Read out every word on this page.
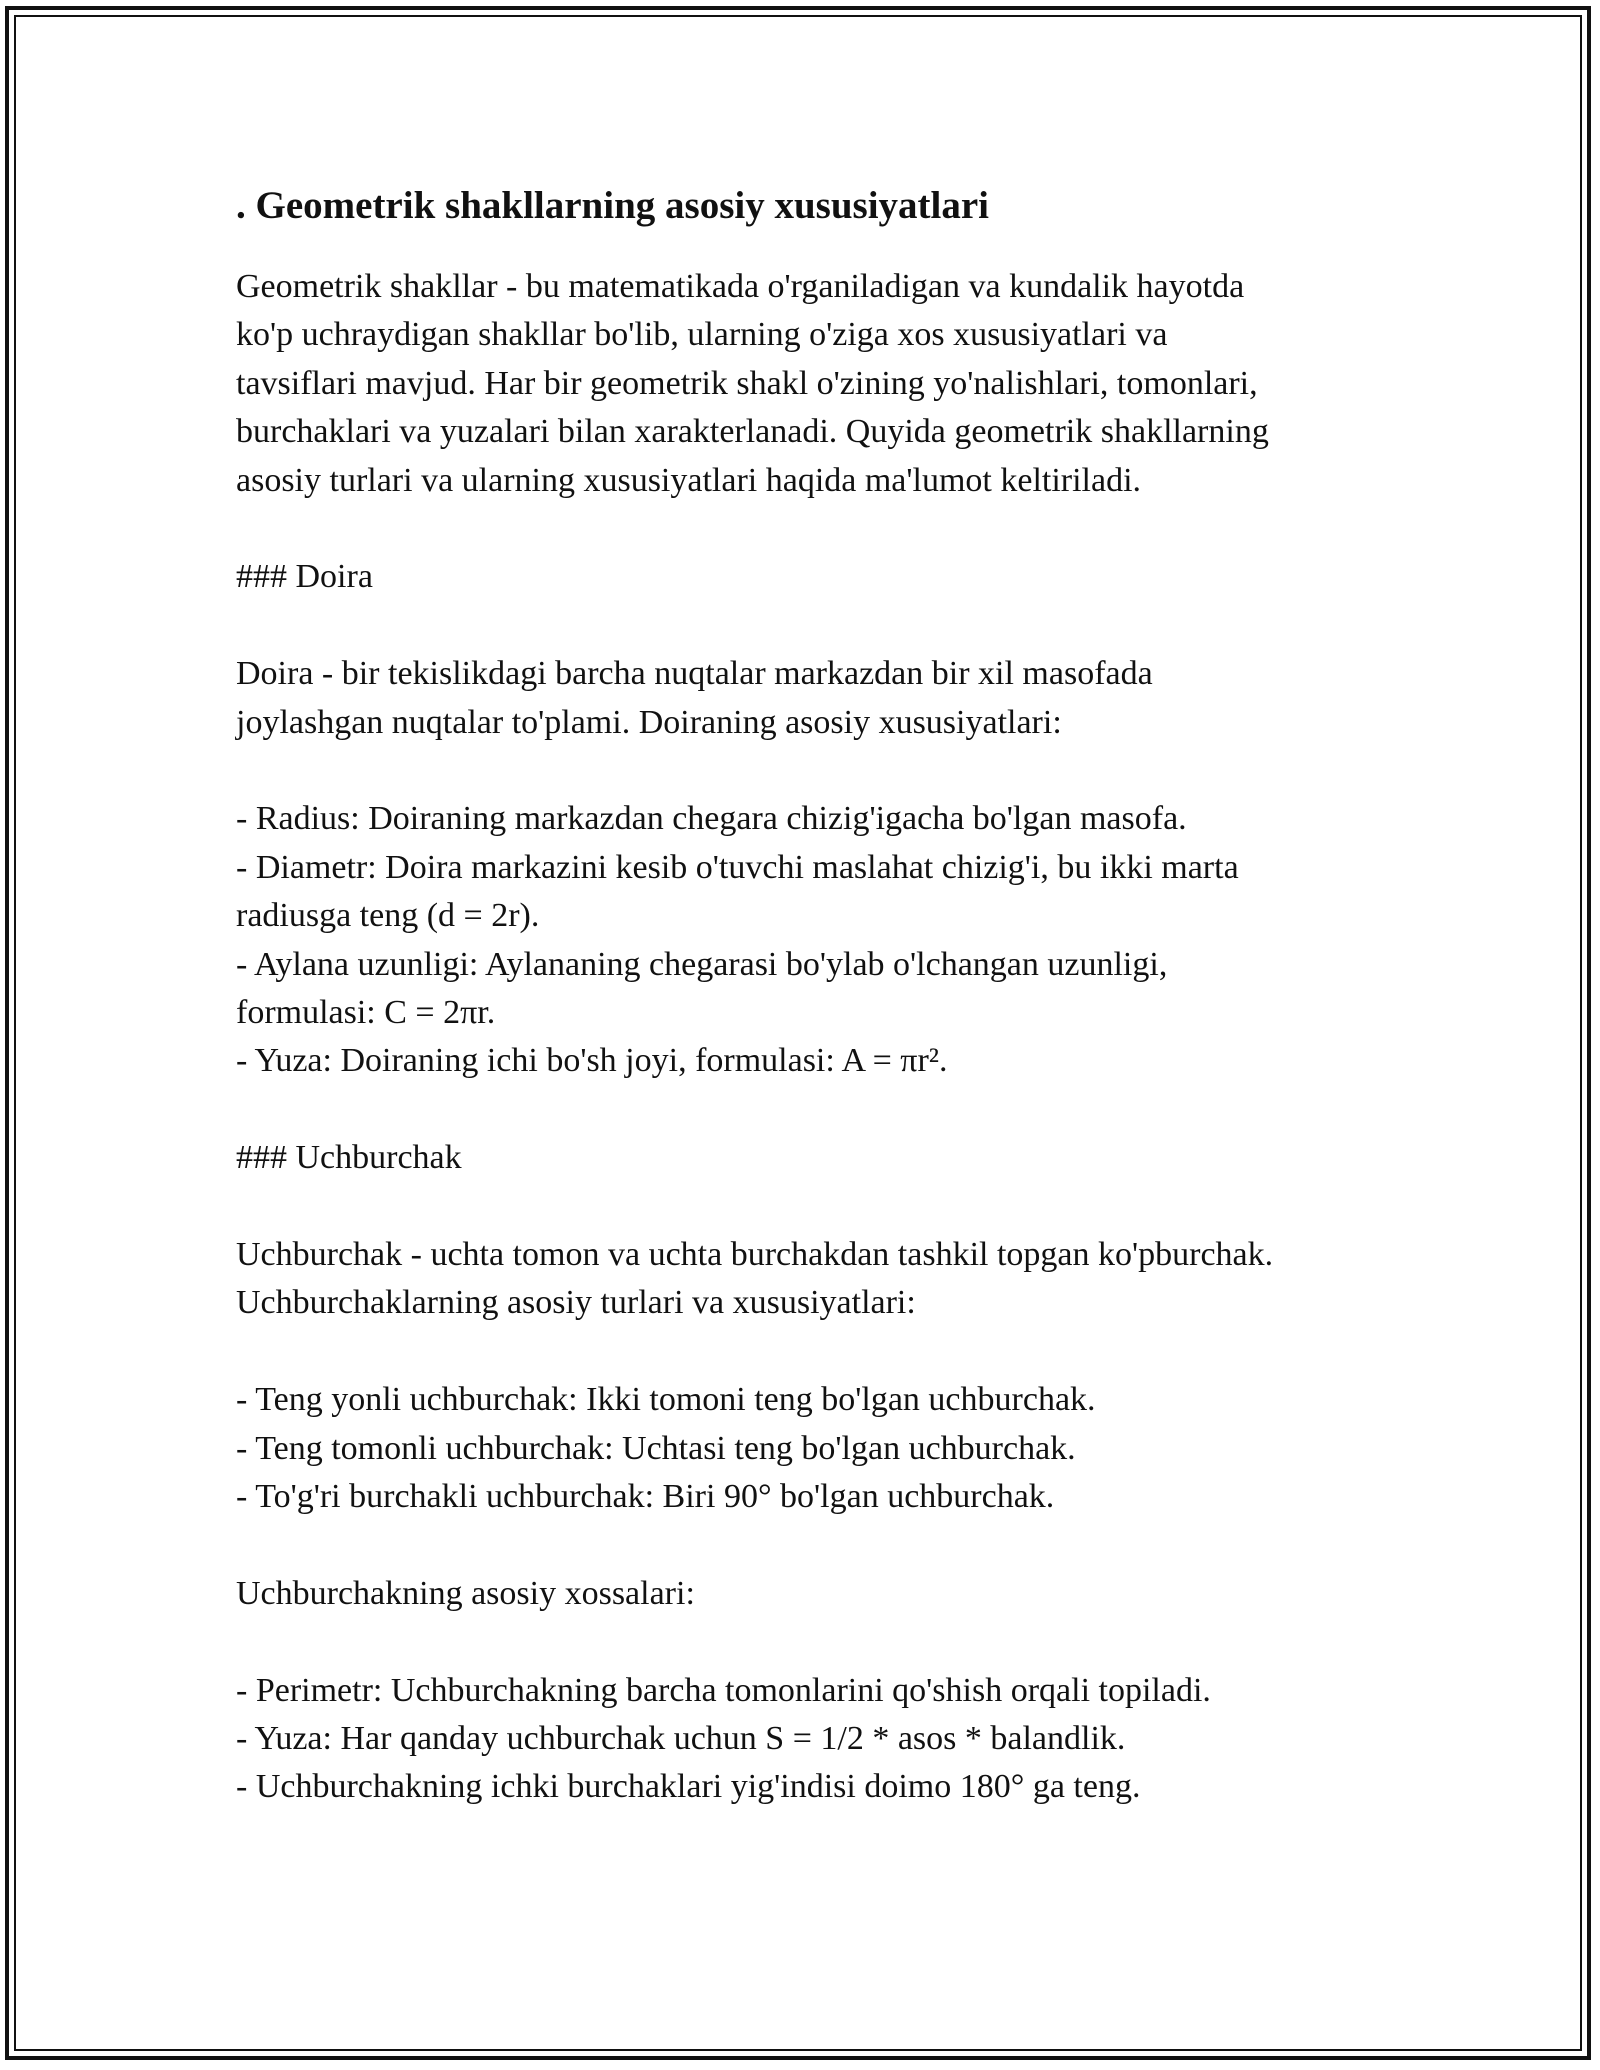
. Geometrik shakllarning asosiy xususiyatlari

Geometrik shakllar - bu matematikada o'rganiladigan va kundalik hayotda
ko'p uchraydigan shakllar bo'lib, ularning o'ziga xos xususiyatlari va
tavsiflari mavjud. Har bir geometrik shakl o'zining yo'nalishlari, tomonlari,
burchaklari va yuzalari bilan xarakterlanadi. Quyida geometrik shakllarning
asosiy turlari va ularning xususiyatlari haqida ma'lumot keltiriladi.

### Doira

Doira - bir tekislikdagi barcha nuqtalar markazdan bir xil masofada
joylashgan nuqtalar to'plami. Doiraning asosiy xususiyatlari:

- Radius: Doiraning markazdan chegara chizig'igacha bo'lgan masofa.
- Diametr: Doira markazini kesib o'tuvchi maslahat chizig'i, bu ikki marta
radiusga teng (d = 2r).
- Aylana uzunligi: Aylananing chegarasi bo'ylab o'lchangan uzunligi,
formulasi: C = 2πr.
- Yuza: Doiraning ichi bo'sh joyi, formulasi: A = πr².

### Uchburchak

Uchburchak - uchta tomon va uchta burchakdan tashkil topgan ko'pburchak.
Uchburchaklarning asosiy turlari va xususiyatlari:

- Teng yonli uchburchak: Ikki tomoni teng bo'lgan uchburchak.
- Teng tomonli uchburchak: Uchtasi teng bo'lgan uchburchak.
- To'g'ri burchakli uchburchak: Biri 90° bo'lgan uchburchak.

Uchburchakning asosiy xossalari:

- Perimetr: Uchburchakning barcha tomonlarini qo'shish orqali topiladi.
- Yuza: Har qanday uchburchak uchun S = 1/2 * asos * balandlik.
- Uchburchakning ichki burchaklari yig'indisi doimo 180° ga teng.
